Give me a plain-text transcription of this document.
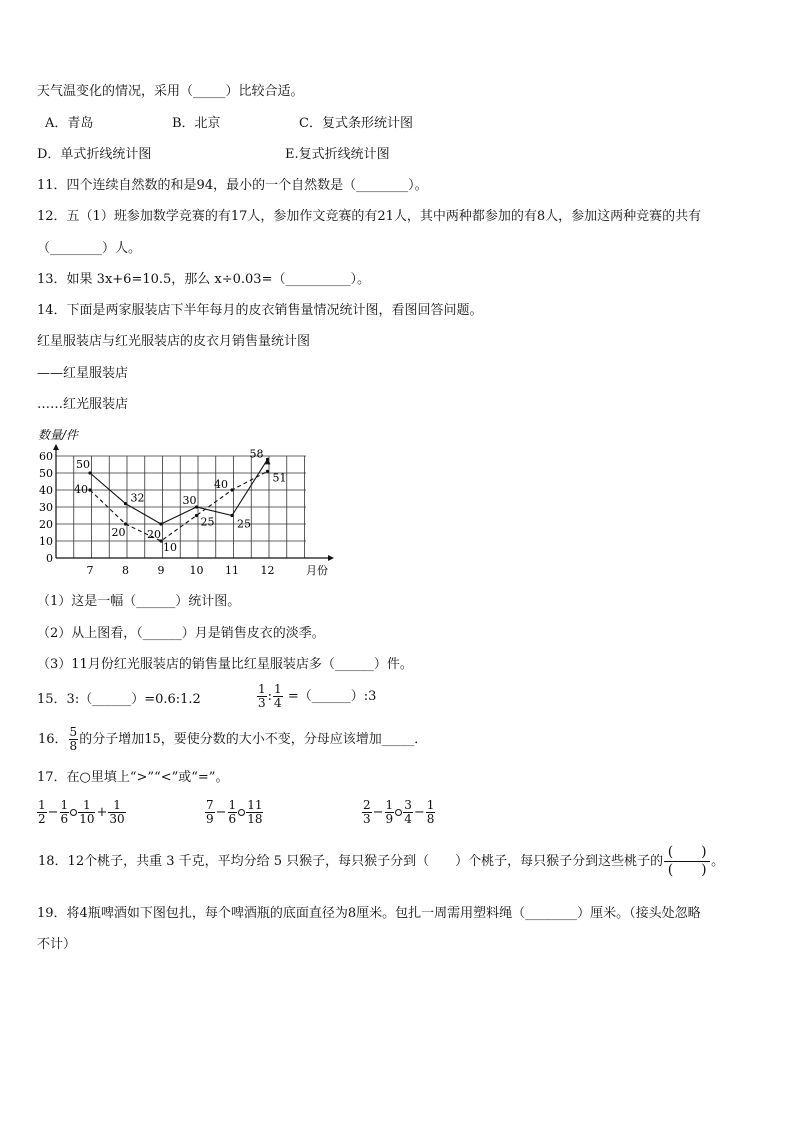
天气温变化的情况，采用（_____）比较合适。
A．青岛	B．北京	C．复式条形统计图
D．单式折线统计图	E.复式折线统计图
11．四个连续自然数的和是94，最小的一个自然数是（________）。
12．五（1）班参加数学竞赛的有17人，参加作文竞赛的有21人，其中两种都参加的有8人，参加这两种竞赛的共有
（________）人。
13．如果 3x+6=10.5，那么 x÷0.03=（__________）。
14．下面是两家服装店下半年每月的皮衣销售量情况统计图，看图回答问题。
红星服装店与红光服装店的皮衣月销售量统计图
——红星服装店
……红光服装店
0
10
20
30
40
50
60
7	8	9 10 11 12
50
32
20
30
25
58
40
20
10
25
40
51
数量/件
月份
（1）这是一幅（______）统计图。
（2）从上图看，（______）月是销售皮衣的淡季。
（3）11月份红光服装店的销售量比红星服装店多（______）件。
15．3:（______）=0.6:1.2	$\frac{1}{3}$ : $\frac{1}{4}$ =（______）:3
16． $\frac{5}{8}$ 的分子增加15，要使分数的大小不变，分母应该增加_____．
17．在○里填上“>”“<”或“=”。
$\frac{1}{2} - \frac{1}{6} \frac{1}{10} + \frac{1}{30}$	$\frac{7}{9} - \frac{1}{6} \frac{11}{18}$	$\frac{2}{3} - \frac{1}{9} \frac{3}{4} - \frac{1}{8}$
18．12个桃子，共重 3 千克，平均分给 5 只猴子，每只猴子分到（　　）个桃子，每只猴子分到这些桃子的
(　　)
(　　)。
19．将4瓶啤酒如下图包扎，每个啤酒瓶的底面直径为8厘米。包扎一周需用塑料绳（________）厘米。（接头处忽略
不计）
